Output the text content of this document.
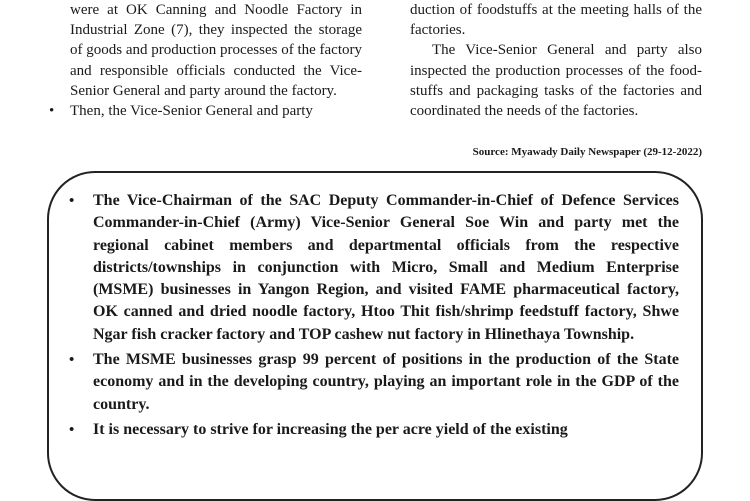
were at OK Canning and Noodle Factory in Industrial Zone (7), they inspected the storage of goods and production processes of the factory and responsible officials conducted the Vice-Senior General and party around the factory.

• Then, the Vice-Senior General and party

duction of foodstuffs at the meeting halls of the factories.

The Vice-Senior General and party also inspected the production processes of the food-stuffs and packaging tasks of the factories and coordinated the needs of the factories.

Source: Myawady Daily Newspaper (29-12-2022)

• The Vice-Chairman of the SAC Deputy Commander-in-Chief of Defence Services Commander-in-Chief (Army) Vice-Senior General Soe Win and party met the regional cabinet members and departmental officials from the respective districts/townships in conjunction with Micro, Small and Medium Enterprise (MSME) businesses in Yangon Region, and visited FAME pharmaceutical factory, OK canned and dried noodle factory, Htoo Thit fish/shrimp feedstuff factory, Shwe Ngar fish cracker factory and TOP cashew nut factory in Hlinethaya Township.

• The MSME businesses grasp 99 percent of positions in the production of the State economy and in the developing country, playing an important role in the GDP of the country.

• It is necessary to strive for increasing the per acre yield of the existing
